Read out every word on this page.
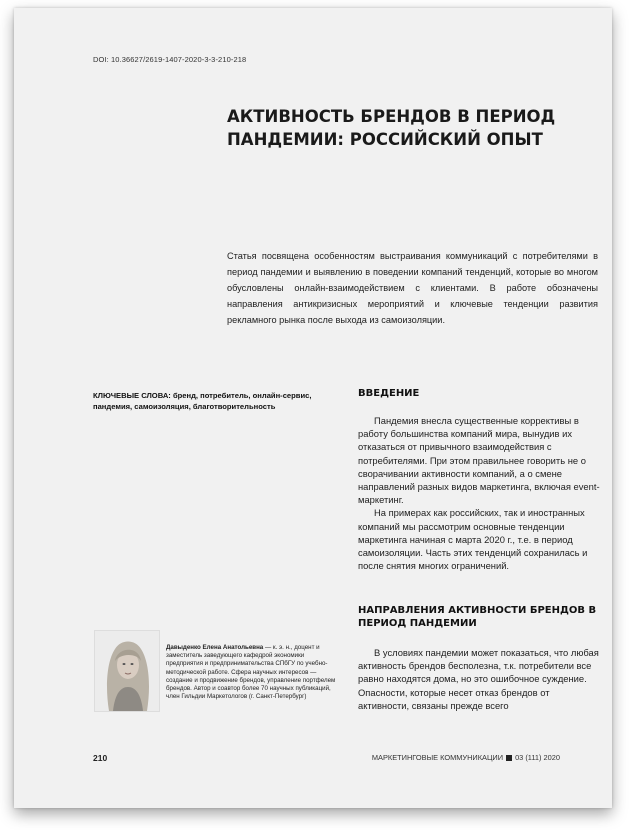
DOI: 10.36627/2619-1407-2020-3-3-210-218
АКТИВНОСТЬ БРЕНДОВ В ПЕРИОД ПАНДЕМИИ: РОССИЙСКИЙ ОПЫТ
Статья посвящена особенностям выстраивания коммуникаций с потребителями в период пандемии и выявлению в поведении компаний тенденций, которые во многом обусловлены онлайн-взаимодействием с клиентами. В работе обозначены направления антикризисных мероприятий и ключевые тенденции развития рекламного рынка после выхода из самоизоляции.
КЛЮЧЕВЫЕ СЛОВА: бренд, потребитель, онлайн-сервис, пандемия, самоизоляция, благотворительность
ВВЕДЕНИЕ

Пандемия внесла существенные коррективы в работу большинства компаний мира, вынудив их отказаться от привычного взаимодействия с потребителями. При этом правильнее говорить не о сворачивании активности компаний, а о смене направлений разных видов маркетинга, включая event-маркетинг.

На примерах как российских, так и иностранных компаний мы рассмотрим основные тенденции маркетинга начиная с марта 2020 г., т.е. в период самоизоляции. Часть этих тенденций сохранилась и после снятия многих ограничений.

НАПРАВЛЕНИЯ АКТИВНОСТИ БРЕНДОВ В ПЕРИОД ПАНДЕМИИ

В условиях пандемии может показаться, что любая активность брендов бесполезна, т.к. потребители все равно находятся дома, но это ошибочное суждение. Опасности, которые несет отказ брендов от активности, связаны прежде всего

Давыденко Елена Анатольевна — к. э. н., доцент и заместитель заведующего кафедрой экономики предприятия и предпринимательства СПбГУ по учебно-методической работе. Сфера научных интересов — создание и продвижение брендов, управление портфелем брендов. Автор и соавтор более 70 научных публикаций, член Гильдии Маркетологов (г. Санкт-Петербург)
210	МАРКЕТИНГОВЫЕ КОММУНИКАЦИИ 03 (111) 2020
